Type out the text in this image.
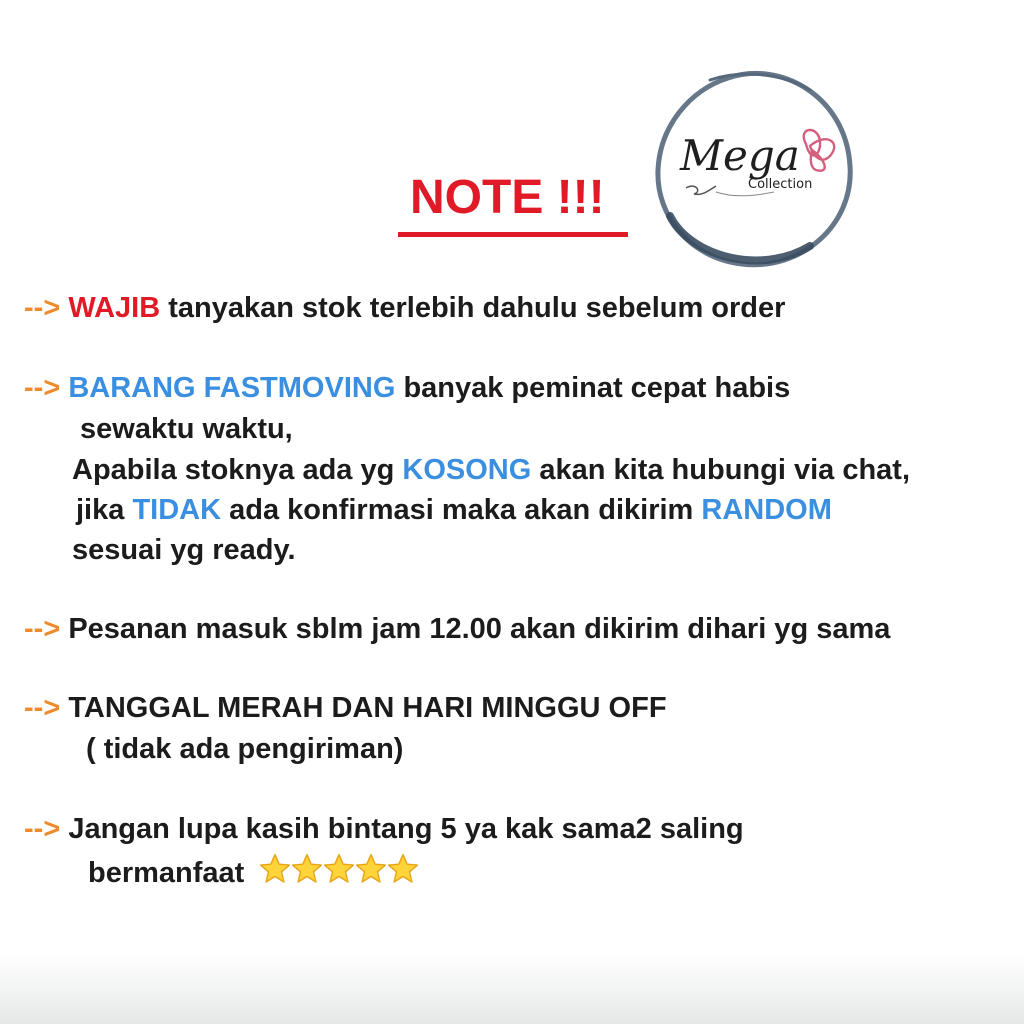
NOTE !!!
Mega
Collection
--> WAJIB tanyakan stok terlebih dahulu sebelum order
--> BARANG FASTMOVING banyak peminat cepat habis
sewaktu waktu,
Apabila stoknya ada yg KOSONG akan kita hubungi via chat,
jika TIDAK ada konfirmasi maka akan dikirim RANDOM
sesuai yg ready.
--> Pesanan masuk sblm jam 12.00 akan dikirim dihari yg sama
--> TANGGAL MERAH DAN HARI MINGGU OFF
( tidak ada pengiriman)
--> Jangan lupa kasih bintang 5 ya kak sama2 saling
bermanfaat
